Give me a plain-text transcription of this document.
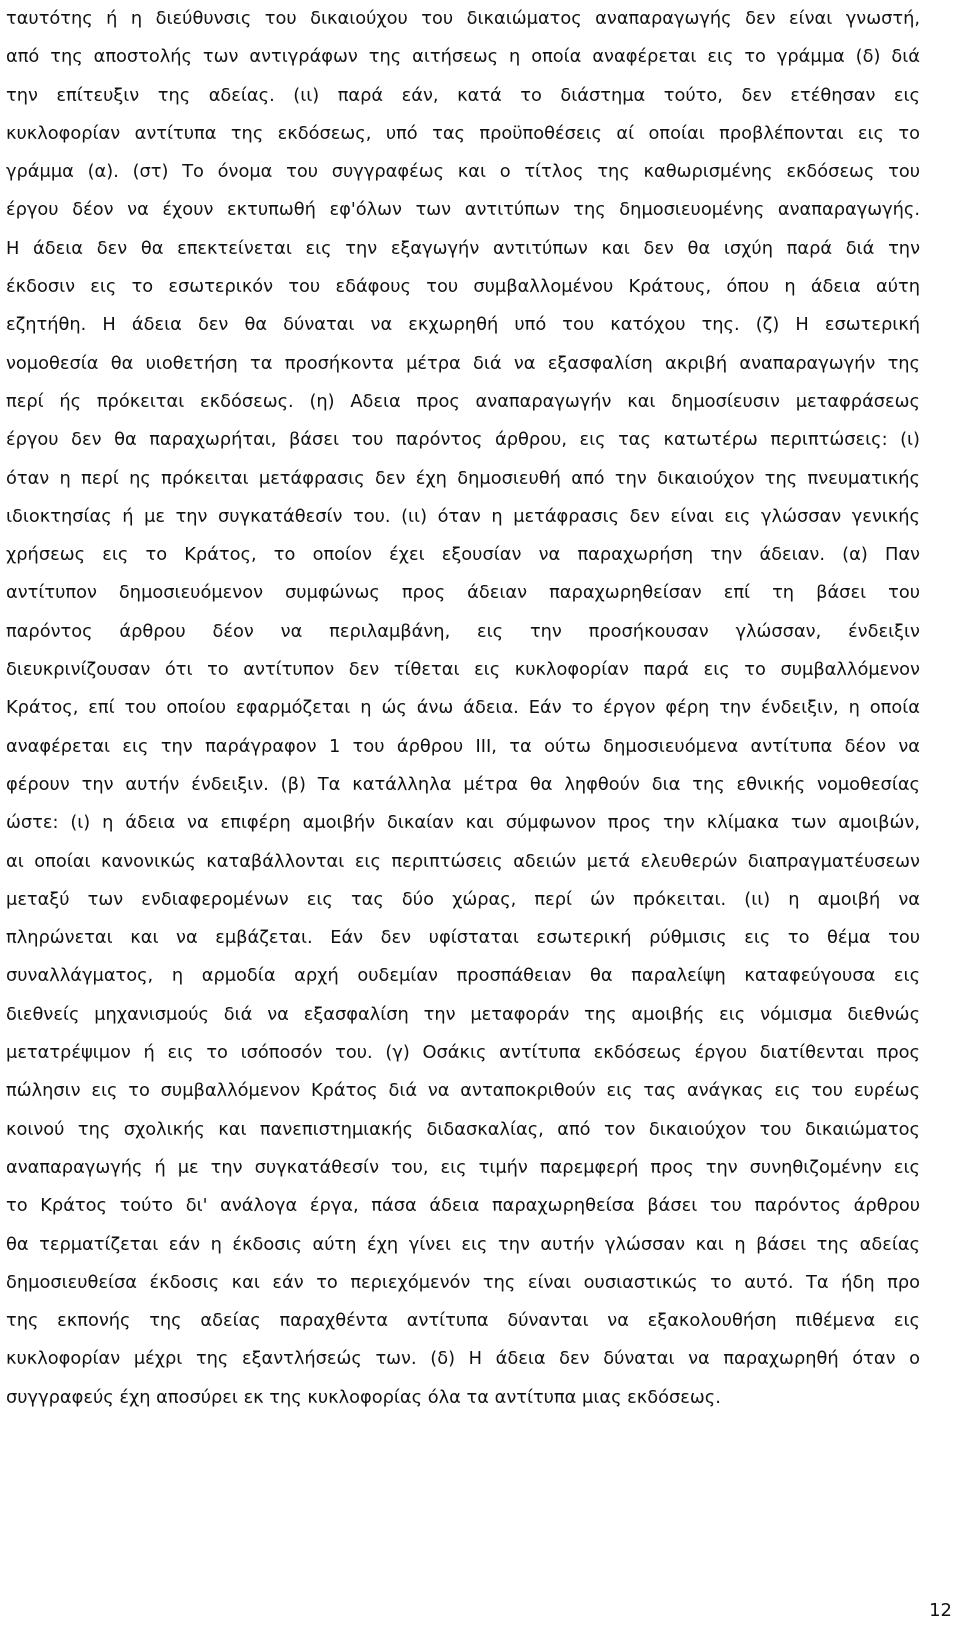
ταυτότης ή η διεύθυνσις του δικαιούχου του δικαιώματος αναπαραγωγής δεν είναι γνωστή,
από της αποστολής των αντιγράφων της αιτήσεως η οποία αναφέρεται εις το γράμμα (δ) διά
την επίτευξιν της αδείας. (ιι) παρά εάν, κατά το διάστημα τούτο, δεν ετέθησαν εις
κυκλοφορίαν αντίτυπα της εκδόσεως, υπό τας προϋποθέσεις αί οποίαι προβλέπονται εις το
γράμμα (α). (στ) Το όνομα του συγγραφέως και ο τίτλος της καθωρισμένης εκδόσεως του
έργου δέον να έχουν εκτυπωθή εφ'όλων των αντιτύπων της δημοσιευομένης αναπαραγωγής.
Η άδεια δεν θα επεκτείνεται εις την εξαγωγήν αντιτύπων και δεν θα ισχύη παρά διά την
έκδοσιν εις το εσωτερικόν του εδάφους του συμβαλλομένου Κράτους, όπου η άδεια αύτη
εζητήθη. Η άδεια δεν θα δύναται να εκχωρηθή υπό του κατόχου της. (ζ) Η εσωτερική
νομοθεσία θα υιοθετήση τα προσήκοντα μέτρα διά να εξασφαλίση ακριβή αναπαραγωγήν της
περί ής πρόκειται εκδόσεως. (η) Αδεια προς αναπαραγωγήν και δημοσίευσιν μεταφράσεως
έργου δεν θα παραχωρήται, βάσει του παρόντος άρθρου, εις τας κατωτέρω περιπτώσεις: (ι)
όταν η περί ης πρόκειται μετάφρασις δεν έχη δημοσιευθή από την δικαιούχον της πνευματικής
ιδιοκτησίας ή με την συγκατάθεσίν του. (ιι) όταν η μετάφρασις δεν είναι εις γλώσσαν γενικής
χρήσεως εις το Κράτος, το οποίον έχει εξουσίαν να παραχωρήση την άδειαν. (α) Παν
αντίτυπον δημοσιευόμενον συμφώνως προς άδειαν παραχωρηθείσαν επί τη βάσει του
παρόντος άρθρου δέον να περιλαμβάνη, εις την προσήκουσαν γλώσσαν, ένδειξιν
διευκρινίζουσαν ότι το αντίτυπον δεν τίθεται εις κυκλοφορίαν παρά εις το συμβαλλόμενον
Κράτος, επί του οποίου εφαρμόζεται η ώς άνω άδεια. Εάν το έργον φέρη την ένδειξιν, η οποία
αναφέρεται εις την παράγραφον 1 του άρθρου ΙΙΙ, τα ούτω δημοσιευόμενα αντίτυπα δέον να
φέρουν την αυτήν ένδειξιν. (β) Τα κατάλληλα μέτρα θα ληφθούν δια της εθνικής νομοθεσίας
ώστε: (ι) η άδεια να επιφέρη αμοιβήν δικαίαν και σύμφωνον προς την κλίμακα των αμοιβών,
αι οποίαι κανονικώς καταβάλλονται εις περιπτώσεις αδειών μετά ελευθερών διαπραγματέυσεων
μεταξύ των ενδιαφερομένων εις τας δύο χώρας, περί ών πρόκειται. (ιι) η αμοιβή να
πληρώνεται και να εμβάζεται. Εάν δεν υφίσταται εσωτερική ρύθμισις εις το θέμα του
συναλλάγματος, η αρμοδία αρχή ουδεμίαν προσπάθειαν θα παραλείψη καταφεύγουσα εις
διεθνείς μηχανισμούς διά να εξασφαλίση την μεταφοράν της αμοιβής εις νόμισμα διεθνώς
μετατρέψιμον ή εις το ισόποσόν του. (γ) Οσάκις αντίτυπα εκδόσεως έργου διατίθενται προς
πώλησιν εις το συμβαλλόμενον Κράτος διά να ανταποκριθούν εις τας ανάγκας εις του ευρέως
κοινού της σχολικής και πανεπιστημιακής διδασκαλίας, από τον δικαιούχον του δικαιώματος
αναπαραγωγής ή με την συγκατάθεσίν του, εις τιμήν παρεμφερή προς την συνηθιζομένην εις
το Κράτος τούτο δι' ανάλογα έργα, πάσα άδεια παραχωρηθείσα βάσει του παρόντος άρθρου
θα τερματίζεται εάν η έκδοσις αύτη έχη γίνει εις την αυτήν γλώσσαν και η βάσει της αδείας
δημοσιευθείσα έκδοσις και εάν το περιεχόμενόν της είναι ουσιαστικώς το αυτό. Τα ήδη προ
της εκπονής της αδείας παραχθέντα αντίτυπα δύνανται να εξακολουθήση πιθέμενα εις
κυκλοφορίαν μέχρι της εξαντλήσεώς των. (δ) Η άδεια δεν δύναται να παραχωρηθή όταν ο
συγγραφεύς έχη αποσύρει εκ της κυκλοφορίας όλα τα αντίτυπα μιας εκδόσεως.
12
